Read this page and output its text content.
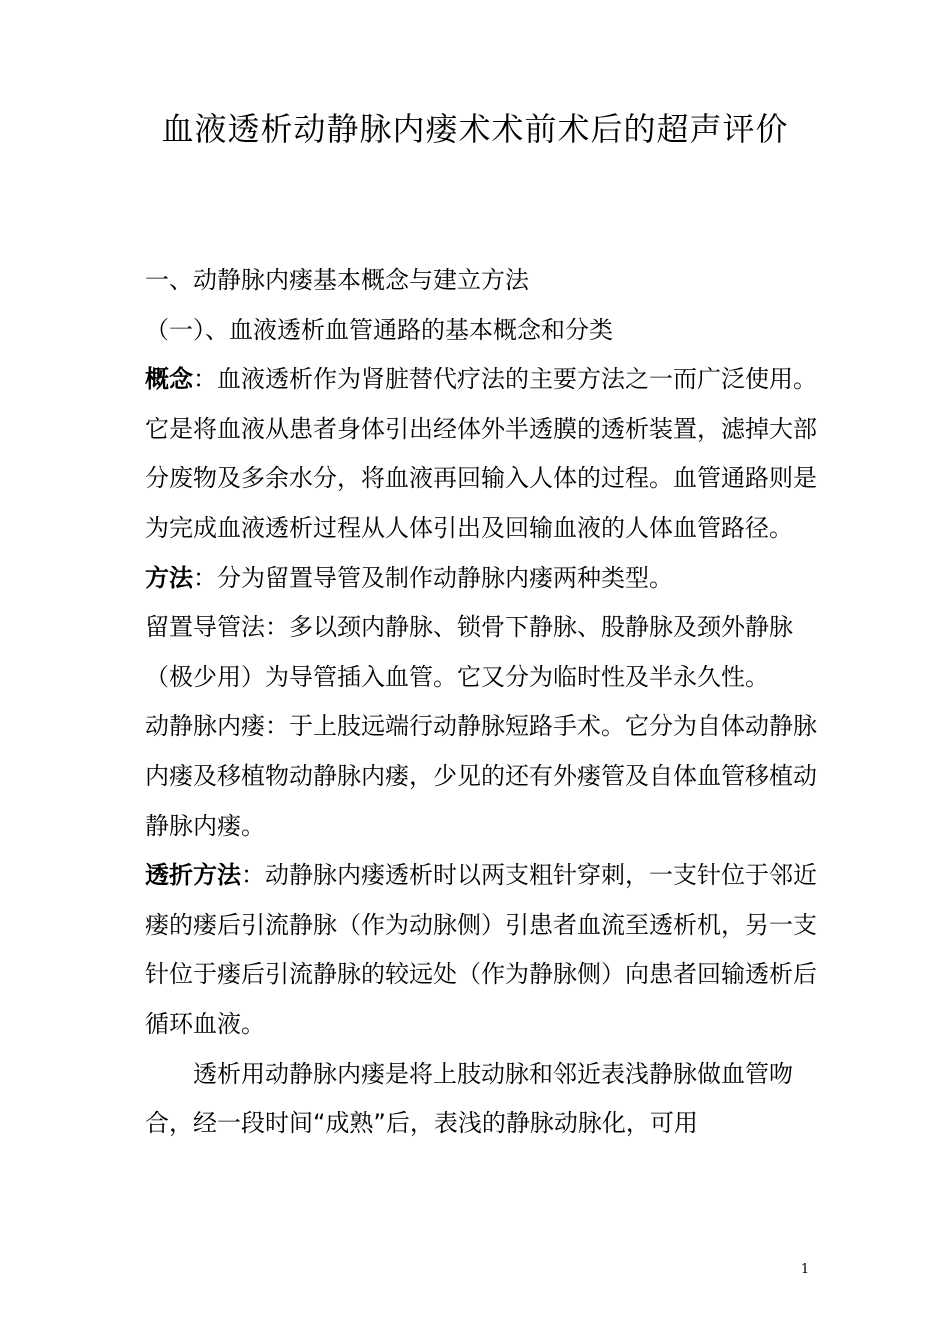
血液透析动静脉内瘘术术前术后的超声评价

一、动静脉内瘘基本概念与建立方法

（一）、血液透析血管通路的基本概念和分类

概念：血液透析作为肾脏替代疗法的主要方法之一而广泛使用。它是将血液从患者身体引出经体外半透膜的透析装置，滤掉大部分废物及多余水分，将血液再回输入人体的过程。血管通路则是为完成血液透析过程从人体引出及回输血液的人体血管路径。

方法：分为留置导管及制作动静脉内瘘两种类型。

留置导管法：多以颈内静脉、锁骨下静脉、股静脉及颈外静脉（极少用）为导管插入血管。它又分为临时性及半永久性。

动静脉内瘘：于上肢远端行动静脉短路手术。它分为自体动静脉内瘘及移植物动静脉内瘘，少见的还有外瘘管及自体血管移植动静脉内瘘。

透折方法：动静脉内瘘透析时以两支粗针穿刺，一支针位于邻近瘘的瘘后引流静脉（作为动脉侧）引患者血流至透析机，另一支针位于瘘后引流静脉的较远处（作为静脉侧）向患者回输透析后循环血液。

透析用动静脉内瘘是将上肢动脉和邻近表浅静脉做血管吻合，经一段时间“成熟”后，表浅的静脉动脉化，可用

1
